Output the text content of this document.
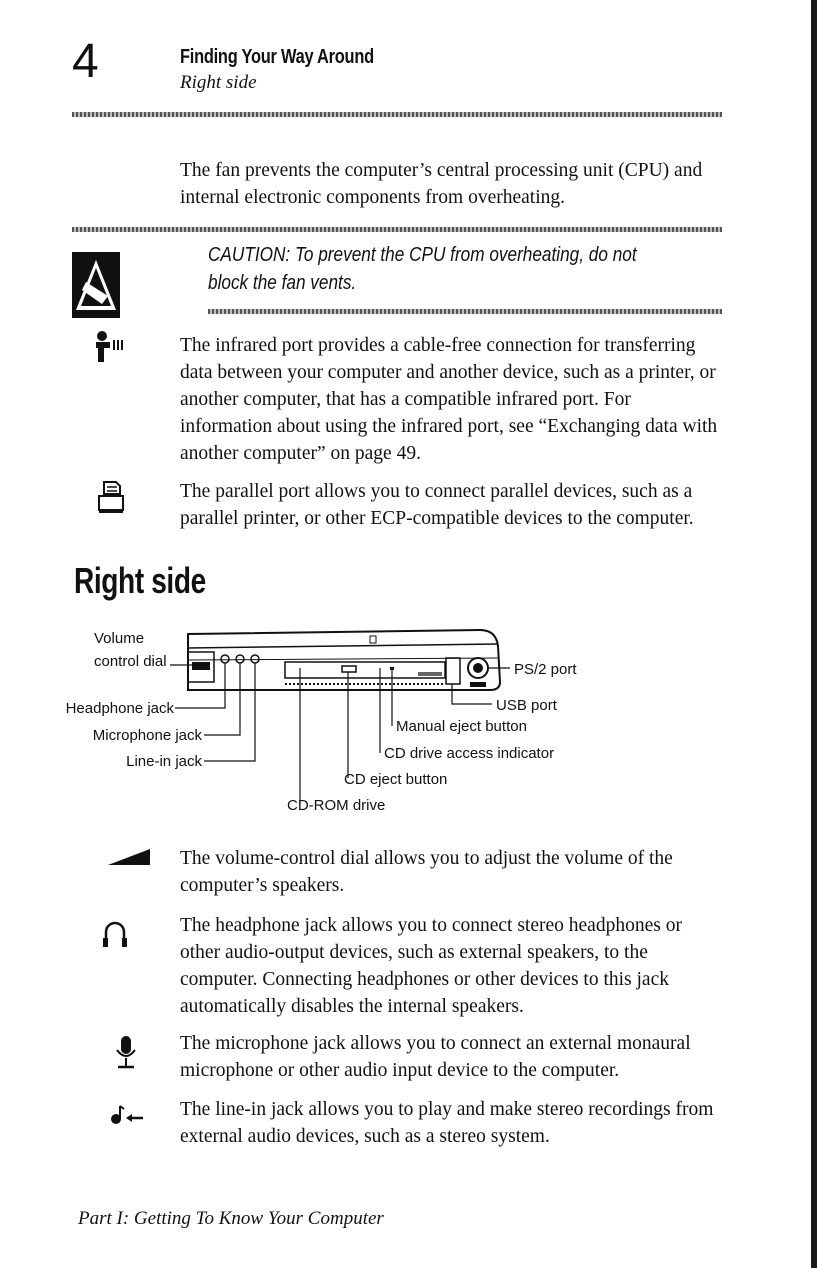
4	Finding Your Way Around
Right side

The fan prevents the computer’s central processing unit (CPU) and internal electronic components from overheating.

CAUTION: To prevent the CPU from overheating, do not block the fan vents.

The infrared port provides a cable-free connection for transferring data between your computer and another device, such as a printer, or another computer, that has a compatible infrared port. For information about using the infrared port, see “Exchanging data with another computer” on page 49.

The parallel port allows you to connect parallel devices, such as a parallel printer, or other ECP-compatible devices to the computer.

Right side
Volume
control dial
Headphone jack
Microphone jack
Line-in jack
PS/2 port
USB port
Manual eject button
CD drive access indicator
CD eject button
CD-ROM drive

The volume-control dial allows you to adjust the volume of the computer’s speakers.

The headphone jack allows you to connect stereo headphones or other audio-output devices, such as external speakers, to the computer. Connecting headphones or other devices to this jack automatically disables the internal speakers.

The microphone jack allows you to connect an external monaural microphone or other audio input device to the computer.

The line-in jack allows you to play and make stereo recordings from external audio devices, such as a stereo system.

Part I: Getting To Know Your Computer
